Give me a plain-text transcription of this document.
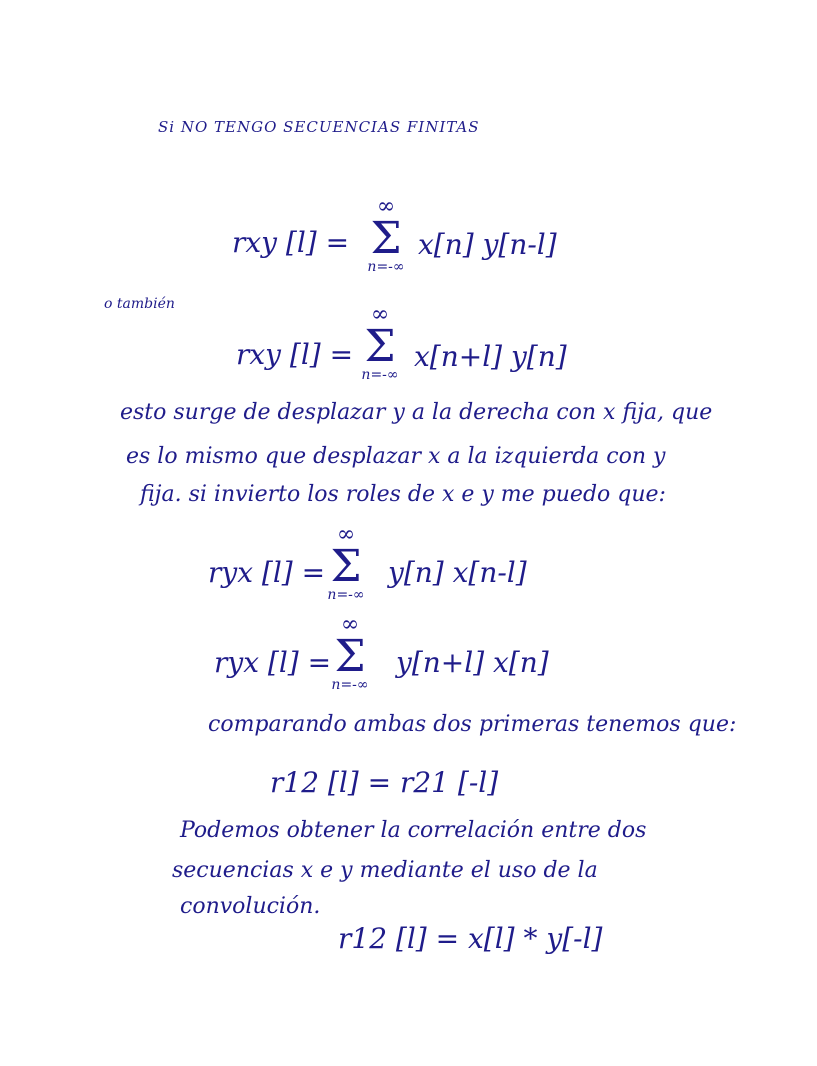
Si NO TENGO SECUENCIAS FINITAS
rxy [l] =
∞
Σ
n=-∞
x[n] y[n-l]
o también
rxy [l] =
∞
Σ
n=-∞
x[n+l] y[n]
esto surge de desplazar y a la derecha con x fija, que
es lo mismo que desplazar x a la izquierda con y
fija. si invierto los roles de x e y me puedo que:
ryx [l] =
∞
Σ
n=-∞
y[n] x[n-l]
ryx [l] =
∞
Σ
n=-∞
y[n+l] x[n]
comparando ambas dos primeras tenemos que:
r12 [l] = r21 [-l]
Podemos obtener la correlación entre dos
secuencias x e y mediante el uso de la
convolución.
r12 [l] = x[l] * y[-l]
